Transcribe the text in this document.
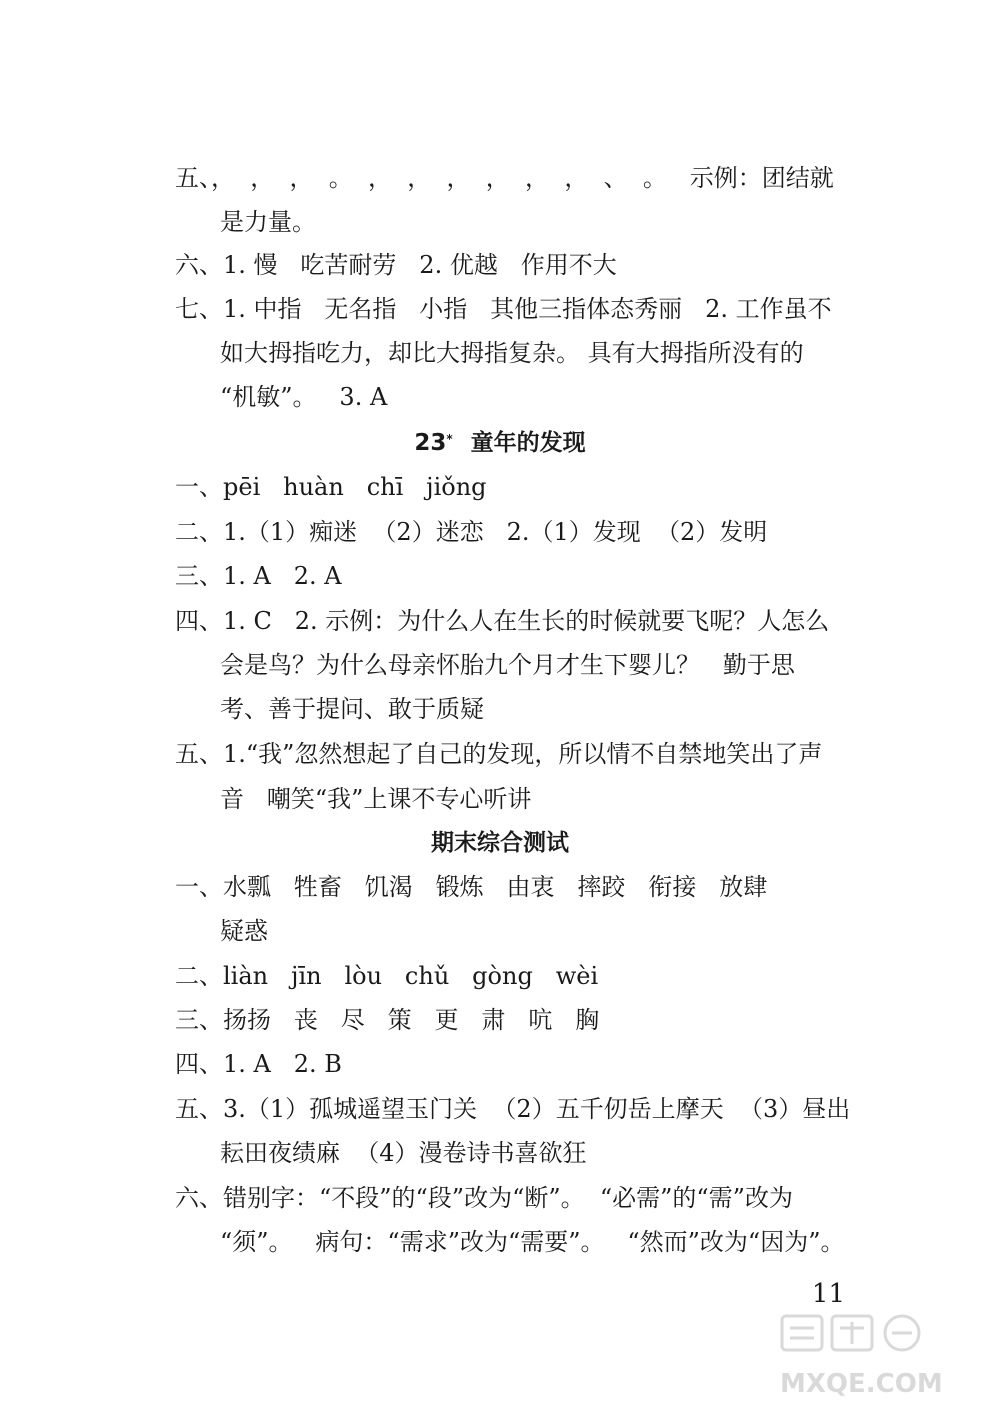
五、，  ，  ，  。  ，  ，  ，  ，  ，  ，  、  。   示例：团结就
是力量。
六、1. 慢   吃苦耐劳   2. 优越   作用不大
七、1. 中指   无名指   小指   其他三指体态秀丽   2. 工作虽不
如大拇指吃力，却比大拇指复杂。 具有大拇指所没有的
“机敏”。   3. A
23* 童年的发现
一、pēi   huàn   chī   jiǒng
二、1.（1）痴迷  （2）迷恋   2.（1）发现  （2）发明
三、1. A   2. A
四、1. C   2. 示例：为什么人在生长的时候就要飞呢？人怎么
会是鸟？为什么母亲怀胎九个月才生下婴儿？   勤于思
考、善于提问、敢于质疑
五、1.“我”忽然想起了自己的发现，所以情不自禁地笑出了声
音   嘲笑“我”上课不专心听讲
期末综合测试
一、水瓢   牲畜   饥渴   锻炼   由衷   摔跤   衔接   放肆
疑惑
二、liàn   jīn   lòu   chǔ   gòng   wèi
三、扬扬   丧   尽   策   更   肃   吭   胸
四、1. A   2. B
五、3.（1）孤城遥望玉门关  （2）五千仞岳上摩天  （3）昼出
耘田夜绩麻  （4）漫卷诗书喜欲狂
六、错别字：“不段”的“段”改为“断”。  “必需”的“需”改为
“须”。   病句：“需求”改为“需要”。   “然而”改为“因为”。
11
MXQE.COM
